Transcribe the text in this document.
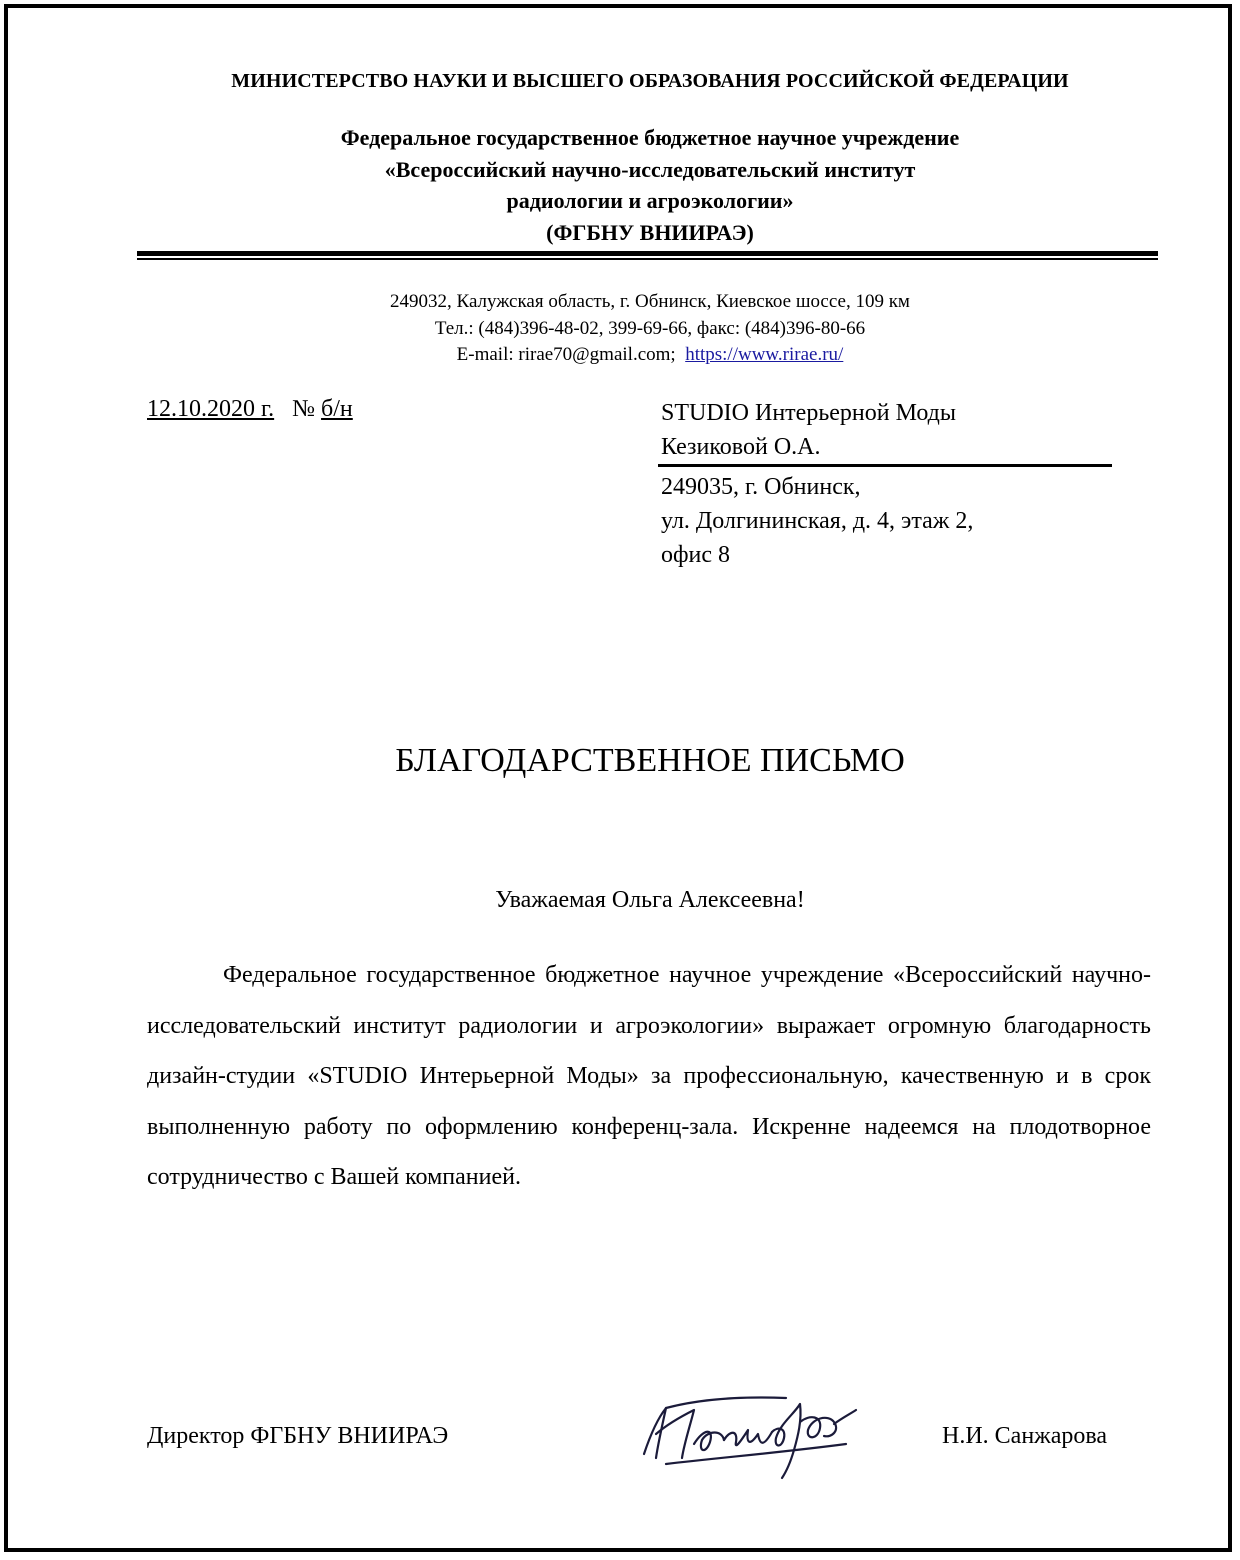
МИНИСТЕРСТВО НАУКИ И ВЫСШЕГО ОБРАЗОВАНИЯ РОССИЙСКОЙ ФЕДЕРАЦИИ
Федеральное государственное бюджетное научное учреждение
«Всероссийский научно-исследовательский институт
радиологии и агроэкологии»
(ФГБНУ ВНИИРАЭ)
249032, Калужская область, г. Обнинск, Киевское шоссе, 109 км
Тел.: (484)396-48-02, 399-69-66, факс: (484)396-80-66
E-mail: rirae70@gmail.com; https://www.rirae.ru/
12.10.2020 г. № б/н	STUDIO Интерьерной Моды
Кезиковой О.А.
249035, г. Обнинск,
ул. Долгининская, д. 4, этаж 2,
офис 8
БЛАГОДАРСТВЕННОЕ ПИСЬМО
Уважаемая Ольга Алексеевна!

Федеральное государственное бюджетное научное учреждение «Всероссийский научно-исследовательский институт радиологии и агроэкологии» выражает огромную благодарность дизайн-студии «STUDIO Интерьерной Моды» за профессиональную, качественную и в срок выполненную работу по оформлению конференц-зала. Искренне надеемся на плодотворное сотрудничество с Вашей компанией.

Директор ФГБНУ ВНИИРАЭ	Н.И. Санжарова
